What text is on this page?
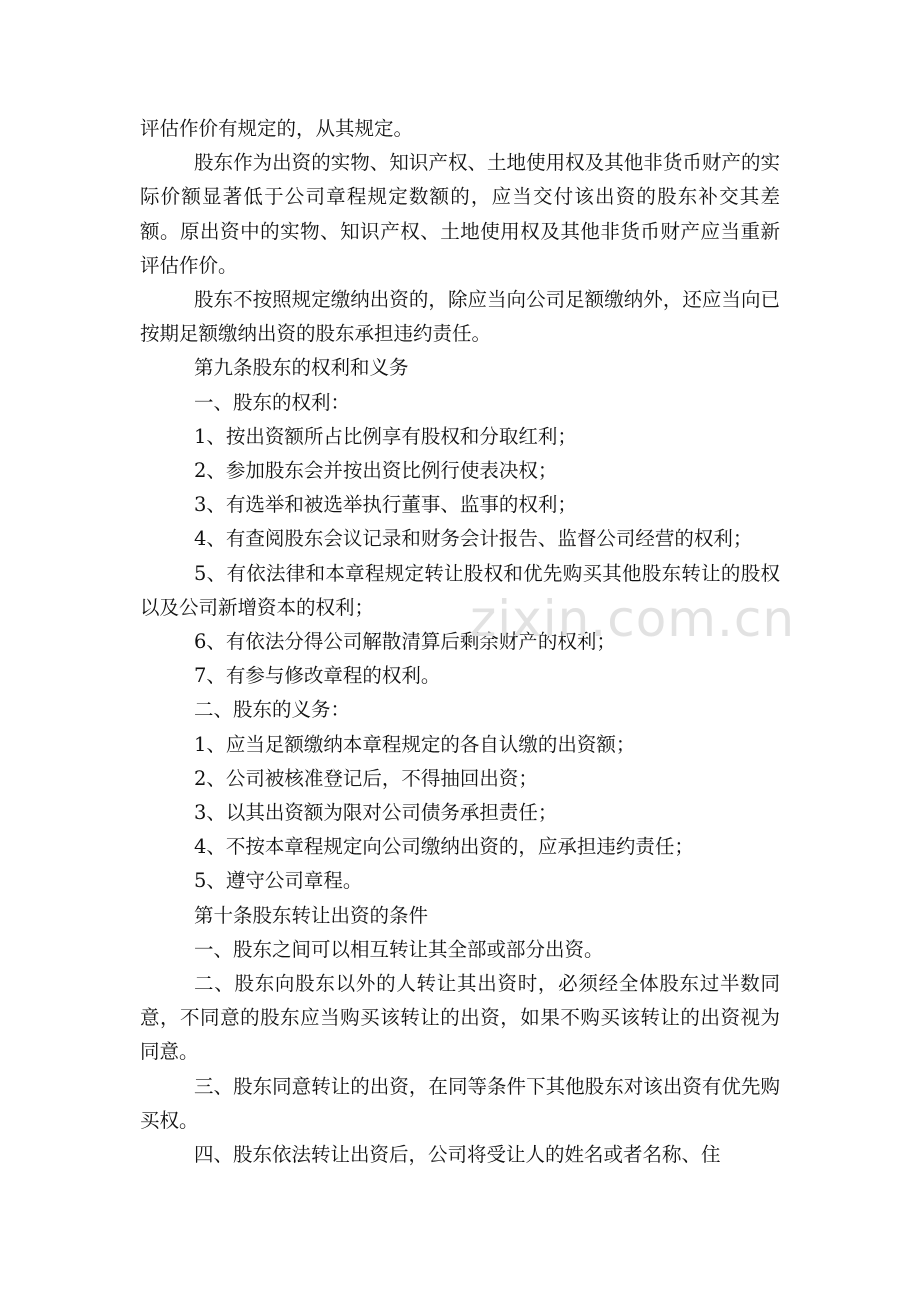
评估作价有规定的，从其规定。

股东作为出资的实物、知识产权、土地使用权及其他非货币财产的实际价额显著低于公司章程规定数额的，应当交付该出资的股东补交其差额。原出资中的实物、知识产权、土地使用权及其他非货币财产应当重新评估作价。

股东不按照规定缴纳出资的，除应当向公司足额缴纳外，还应当向已按期足额缴纳出资的股东承担违约责任。

第九条股东的权利和义务

一、股东的权利：

1、按出资额所占比例享有股权和分取红利；

2、参加股东会并按出资比例行使表决权；

3、有选举和被选举执行董事、监事的权利；

4、有查阅股东会议记录和财务会计报告、监督公司经营的权利；

5、有依法律和本章程规定转让股权和优先购买其他股东转让的股权以及公司新增资本的权利；

6、有依法分得公司解散清算后剩余财产的权利；

7、有参与修改章程的权利。

二、股东的义务：

1、应当足额缴纳本章程规定的各自认缴的出资额；

2、公司被核准登记后，不得抽回出资；

3、以其出资额为限对公司债务承担责任；

4、不按本章程规定向公司缴纳出资的，应承担违约责任；

5、遵守公司章程。

第十条股东转让出资的条件

一、股东之间可以相互转让其全部或部分出资。

二、股东向股东以外的人转让其出资时，必须经全体股东过半数同意，不同意的股东应当购买该转让的出资，如果不购买该转让的出资视为同意。

三、股东同意转让的出资，在同等条件下其他股东对该出资有优先购买权。

四、股东依法转让出资后，公司将受让人的姓名或者名称、住

zixin.com.cn
